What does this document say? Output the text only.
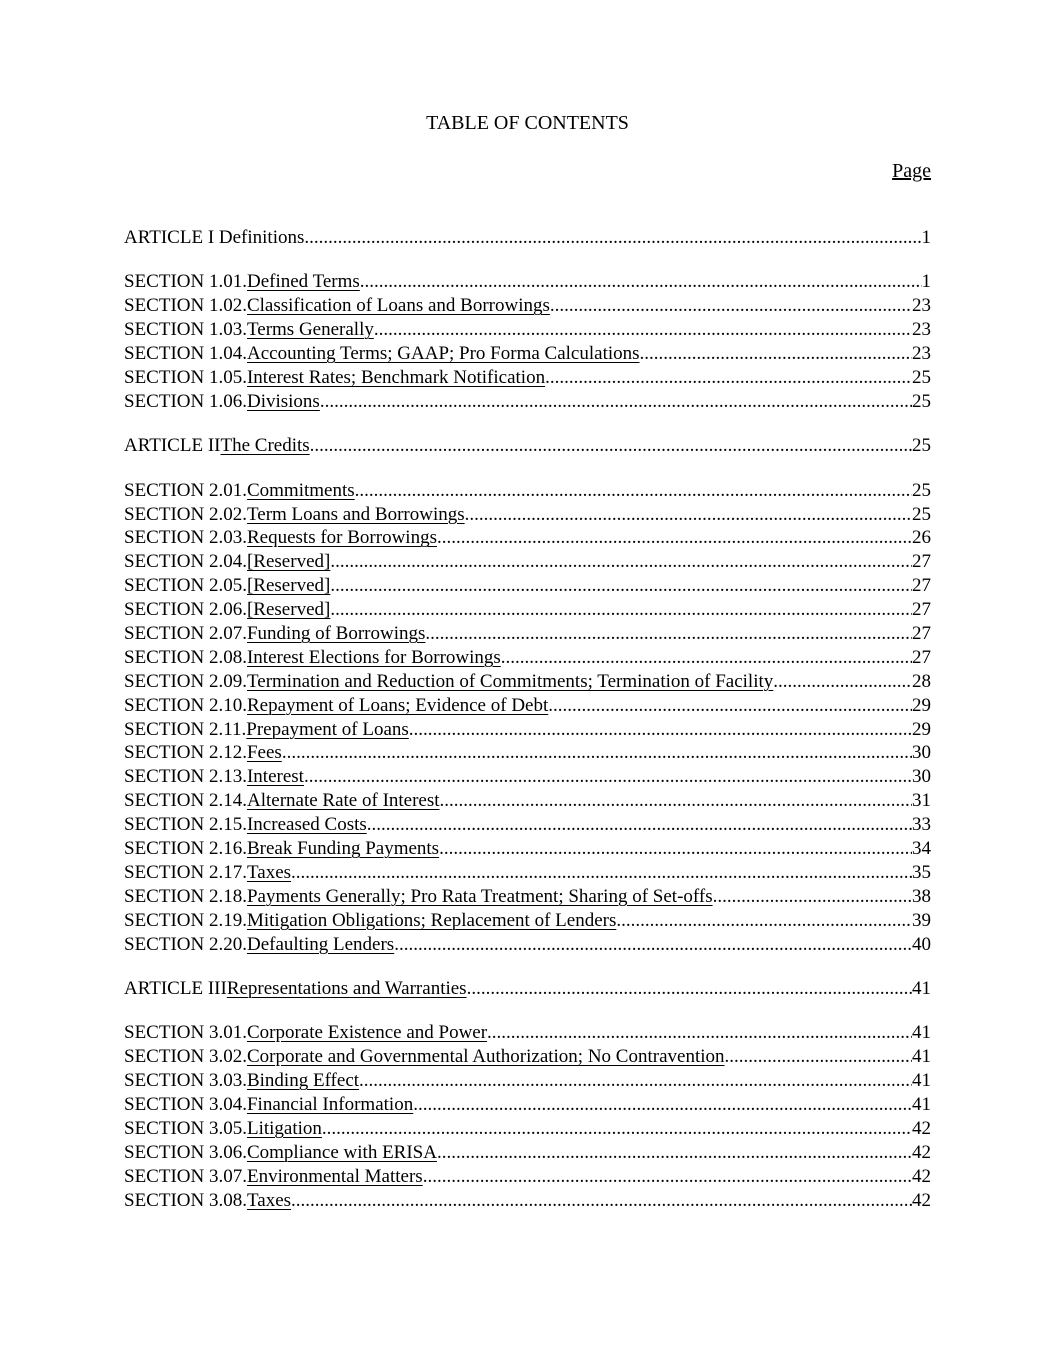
TABLE OF CONTENTS
Page
ARTICLE I Definitions .....	1
SECTION 1.01. Defined Terms .....	1
SECTION 1.02. Classification of Loans and Borrowings .....	23
SECTION 1.03. Terms Generally .....	23
SECTION 1.04. Accounting Terms; GAAP; Pro Forma Calculations .....	23
SECTION 1.05. Interest Rates; Benchmark Notification .....	25
SECTION 1.06. Divisions .....	25
ARTICLE II The Credits .....	25
SECTION 2.01. Commitments .....	25
SECTION 2.02. Term Loans and Borrowings .....	25
SECTION 2.03. Requests for Borrowings .....	26
SECTION 2.04. [Reserved] .....	27
SECTION 2.05. [Reserved] .....	27
SECTION 2.06. [Reserved] .....	27
SECTION 2.07. Funding of Borrowings .....	27
SECTION 2.08. Interest Elections for Borrowings .....	27
SECTION 2.09. Termination and Reduction of Commitments; Termination of Facility .....	28
SECTION 2.10. Repayment of Loans; Evidence of Debt .....	29
SECTION 2.11. Prepayment of Loans .....	29
SECTION 2.12. Fees .....	30
SECTION 2.13. Interest .....	30
SECTION 2.14. Alternate Rate of Interest .....	31
SECTION 2.15. Increased Costs .....	33
SECTION 2.16. Break Funding Payments .....	34
SECTION 2.17. Taxes .....	35
SECTION 2.18. Payments Generally; Pro Rata Treatment; Sharing of Set-offs .....	38
SECTION 2.19. Mitigation Obligations; Replacement of Lenders .....	39
SECTION 2.20. Defaulting Lenders .....	40
ARTICLE III Representations and Warranties .....	41
SECTION 3.01. Corporate Existence and Power .....	41
SECTION 3.02. Corporate and Governmental Authorization; No Contravention .....	41
SECTION 3.03. Binding Effect .....	41
SECTION 3.04. Financial Information .....	41
SECTION 3.05. Litigation .....	42
SECTION 3.06. Compliance with ERISA .....	42
SECTION 3.07. Environmental Matters .....	42
SECTION 3.08. Taxes .....	42
